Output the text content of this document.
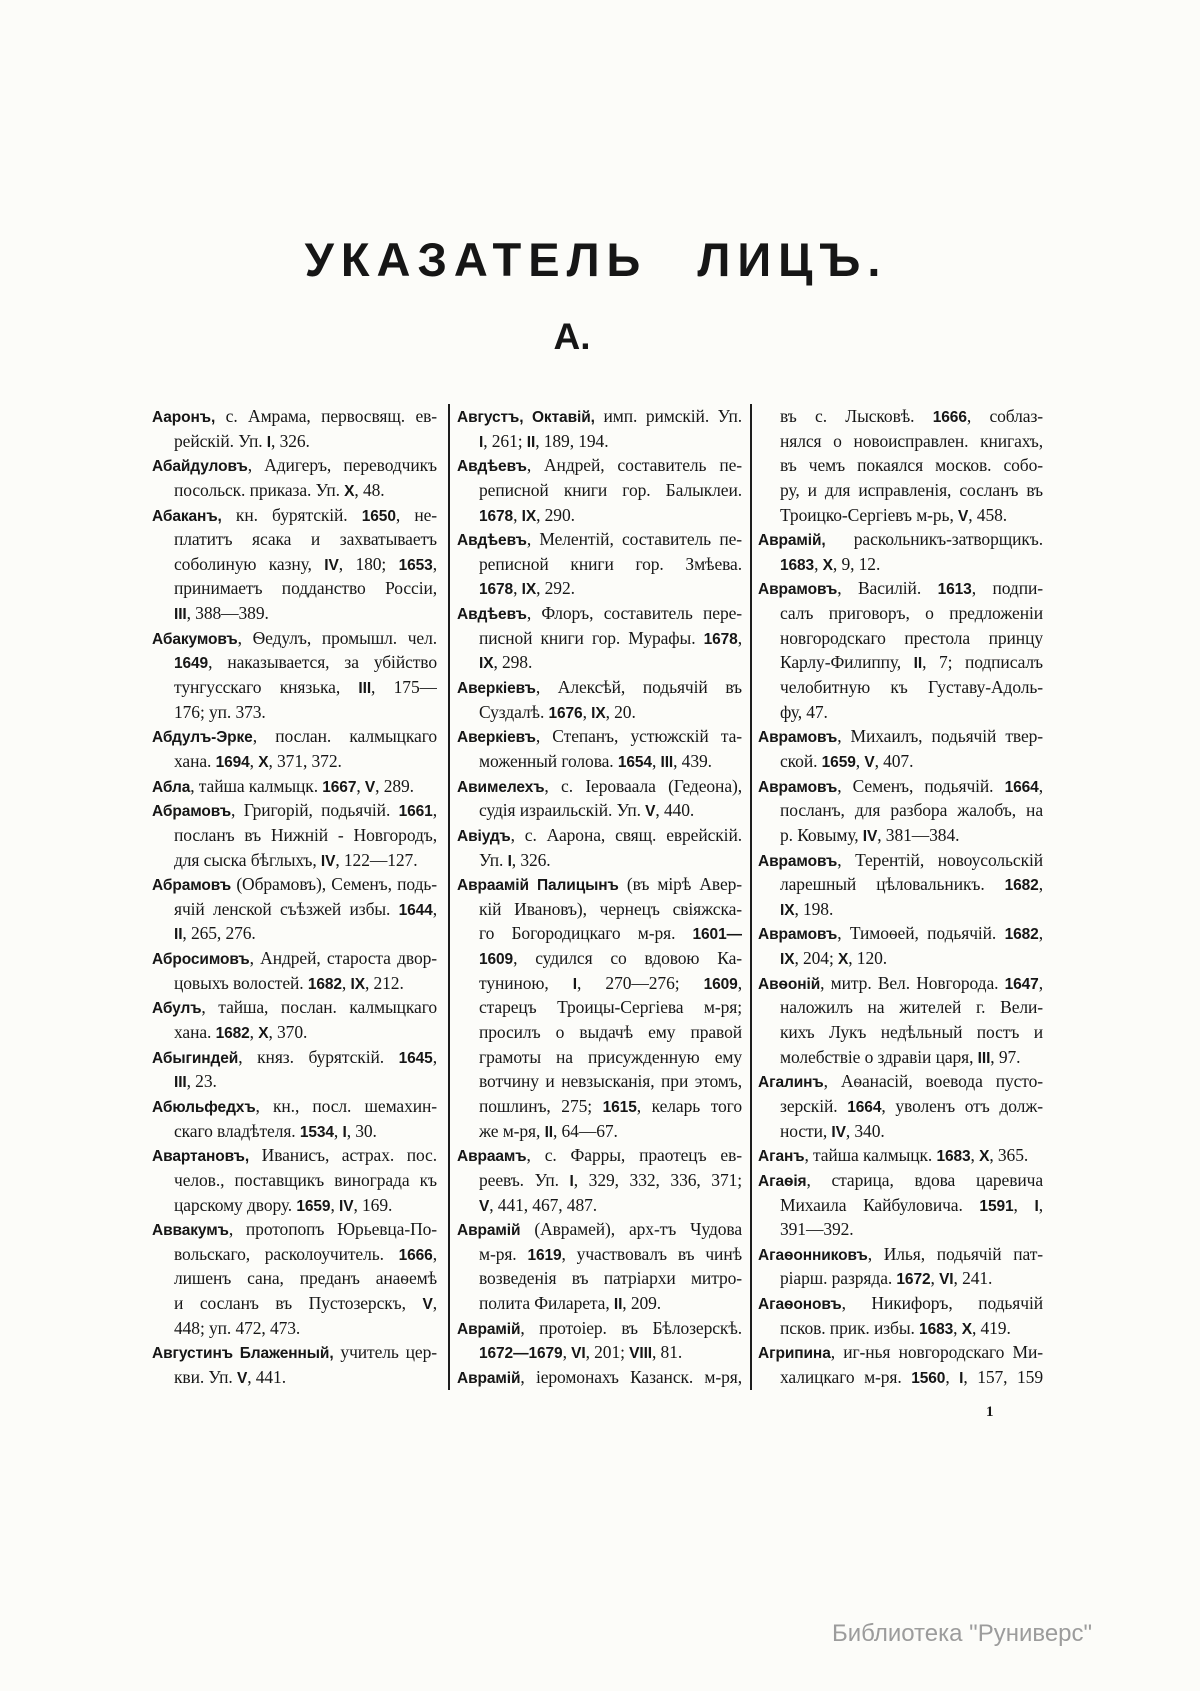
УКАЗАТЕЛЬ ЛИЦЪ.
А.
Ааронъ, с. Амрама, первосвящ. ев-
рейскій. Уп. I, 326.
Абайдуловъ, Адигеръ, переводчикъ
посольск. приказа. Уп. X, 48.
Абаканъ, кн. бурятскій. 1650, не-
платитъ ясака и захватываетъ
соболиную казну, IV, 180; 1653,
принимаетъ подданство Россіи,
III, 388—389.
Абакумовъ, Ѳедулъ, промышл. чел.
1649, наказывается, за убійство
тунгусскаго князька, III, 175—
176; уп. 373.
Абдулъ-Эрке, послан. калмыцкаго
хана. 1694, X, 371, 372.
Абла, тайша калмыцк. 1667, V, 289.
Абрамовъ, Григорій, подьячій. 1661,
посланъ въ Нижній - Новгородъ,
для сыска бѣглыхъ, IV, 122—127.
Абрамовъ (Обрамовъ), Семенъ, подь-
ячій ленской съѣзжей избы. 1644,
II, 265, 276.
Абросимовъ, Андрей, староста двор-
цовыхъ волостей. 1682, IX, 212.
Абулъ, тайша, послан. калмыцкаго
хана. 1682, X, 370.
Абыгиндей, княз. бурятскій. 1645,
III, 23.
Абюльфедхъ, кн., посл. шемахин-
скаго владѣтеля. 1534, I, 30.
Авартановъ, Иванисъ, астрах. пос.
челов., поставщикъ винограда къ
царскому двору. 1659, IV, 169.
Аввакумъ, протопопъ Юрьевца-По-
вольскаго, расколоучитель. 1666,
лишенъ сана, преданъ анаѳемѣ
и сосланъ въ Пустозерскъ, V,
448; уп. 472, 473.
Августинъ Блаженный, учитель цер-
кви. Уп. V, 441.
Августъ, Октавій, имп. римскій. Уп.
I, 261; II, 189, 194.
Авдѣевъ, Андрей, составитель пе-
реписной книги гор. Балыклеи.
1678, IX, 290.
Авдѣевъ, Мелентій, составитель пе-
реписной книги гор. Змѣева.
1678, IX, 292.
Авдѣевъ, Флоръ, составитель пере-
писной книги гор. Мурафы. 1678,
IX, 298.
Аверкіевъ, Алексѣй, подьячій въ
Суздалѣ. 1676, IX, 20.
Аверкіевъ, Степанъ, устюжскій та-
моженный голова. 1654, III, 439.
Авимелехъ, с. Іероваала (Гедеона),
судія израильскій. Уп. V, 440.
Авіудъ, с. Аарона, свящ. еврейскій.
Уп. I, 326.
Авраамій Палицынъ (въ мірѣ Авер-
кій Ивановъ), чернецъ свіяжска-
го Богородицкаго м-ря. 1601—
1609, судился со вдовою Ка-
туниною, I, 270—276; 1609,
старецъ Троицы-Сергіева м-ря;
просилъ о выдачѣ ему правой
грамоты на присужденную ему
вотчину и невзысканія, при этомъ,
пошлинъ, 275; 1615, келарь того
же м-ря, II, 64—67.
Авраамъ, с. Фарры, праотецъ ев-
реевъ. Уп. I, 329, 332, 336, 371;
V, 441, 467, 487.
Аврамій (Аврамей), арх-тъ Чудова
м-ря. 1619, участвовалъ въ чинѣ
возведенія въ патріархи митро-
полита Филарета, II, 209.
Аврамій, протоіер. въ Бѣлозерскѣ.
1672—1679, VI, 201; VIII, 81.
Аврамій, іеромонахъ Казанск. м-ря,
въ с. Лысковѣ. 1666, соблаз-
нялся о новоисправлен. книгахъ,
въ чемъ покаялся москов. собо-
ру, и для исправленія, сосланъ въ
Троицко-Сергіевъ м-рь, V, 458.
Аврамій, раскольникъ-затворщикъ.
1683, X, 9, 12.
Аврамовъ, Василій. 1613, подпи-
салъ приговоръ, о предложеніи
новгородскаго престола принцу
Карлу-Филиппу, II, 7; подписалъ
челобитную къ Густаву-Адоль-
фу, 47.
Аврамовъ, Михаилъ, подьячій твер-
ской. 1659, V, 407.
Аврамовъ, Семенъ, подьячій. 1664,
посланъ, для разбора жалобъ, на
р. Ковыму, IV, 381—384.
Аврамовъ, Терентій, новоусольскій
ларешный цѣловальникъ. 1682,
IX, 198.
Аврамовъ, Тимоѳей, подьячій. 1682,
IX, 204; X, 120.
Авѳоній, митр. Вел. Новгорода. 1647,
наложилъ на жителей г. Вели-
кихъ Лукъ недѣльный постъ и
молебствіе о здравіи царя, III, 97.
Агалинъ, Аѳанасій, воевода пусто-
зерскій. 1664, уволенъ отъ долж-
ности, IV, 340.
Аганъ, тайша калмыцк. 1683, X, 365.
Агаѳія, старица, вдова царевича
Михаила Кайбуловича. 1591, I,
391—392.
Агаѳонниковъ, Илья, подьячій пат-
ріарш. разряда. 1672, VI, 241.
Агаѳоновъ, Никифоръ, подьячій
псков. прик. избы. 1683, X, 419.
Агрипина, иг-нья новгородскаго Ми-
халицкаго м-ря. 1560, I, 157, 159
1
Библиотека "Руниверс"
